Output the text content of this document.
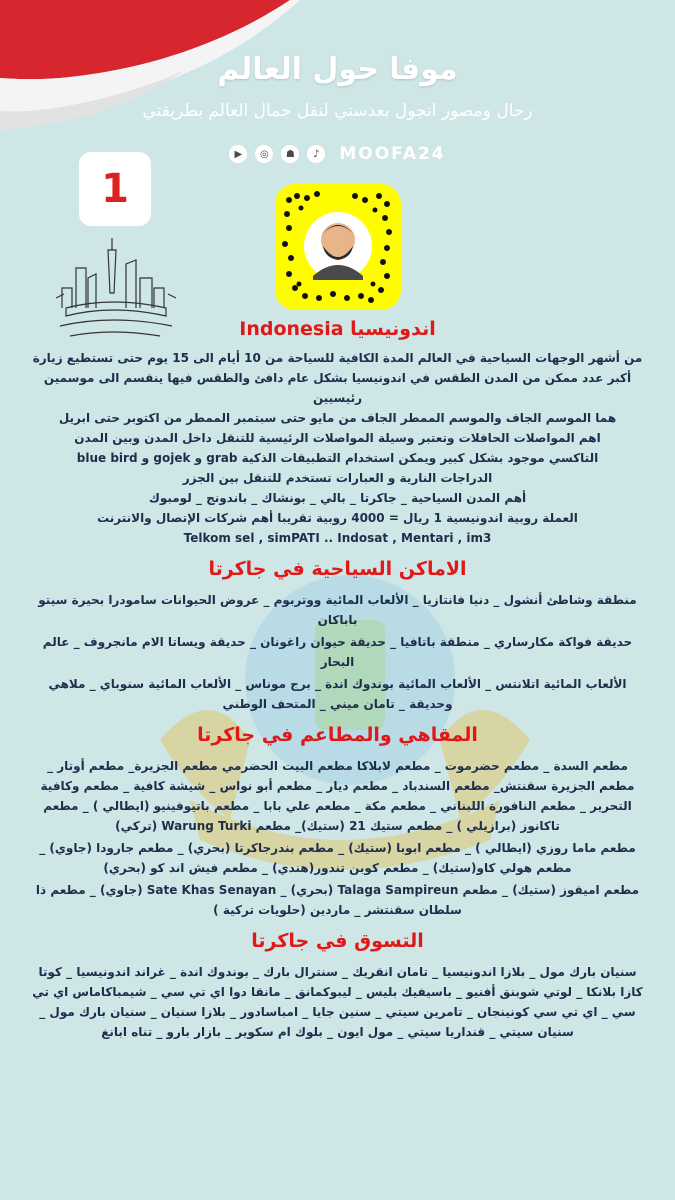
موفا حول العالم
رحال ومصور اتجول بعدستي لنقل جمال العالم بطريقتي
▶	◎	☗	♪	MOOFA24
1
اندونيسيا Indonesia
من أشهر الوجهات السياحية في العالم المدة الكافية للسياحة من 10 أيام الى 15 يوم حتى تستطيع زيارة أكبر عدد ممكن من المدن الطقس في اندونيسيا بشكل عام دافئ والطقس فيها ينقسم الى موسمين رئيسيين
هما الموسم الجاف والموسم الممطر الجاف من مايو حتى سبتمبر الممطر من اكتوبر حتى ابريل
اهم المواصلات الحافلات وتعتبر وسيلة المواصلات الرئيسية للتنقل داخل المدن وبين المدن
التاكسي موجود بشكل كبير ويمكن استخدام التطبيقات الذكية grab و gojek و blue bird
الدراجات النارية و العبارات تستخدم للتنقل بين الجزر
أهم المدن السياحية _ جاكرتا _ بالي _ بونشاك _ باندونج _ لومبوك
العملة روبية اندونيسية 1 ريال = 4000 روبية تقريبا أهم شركات الإتصال والانترنت
Telkom sel , simPATI .. Indosat , Mentari , im3
الاماكن السياحية في جاكرتا
منطقة وشاطئ أنشول _ دنيا فانتازيا _ الألعاب المائية ووتربوم _ عروض الحيوانات سامودرا بحيرة سيتو باباكان
حديقة فواكة مكارساري _ منطقة باتافيا _ حديقة حيوان راغونان _ حديقة ويساتا الام مانجروف _ عالم البحار
الألعاب المائية اتلانتس _ الألعاب المائية بوندوك اندة _ برج موناس _ الألعاب المائية سنوباي _ ملاهي وحديقة _ تامان ميني _ المتحف الوطني
المقاهي والمطاعم في جاكرتا
مطعم السدة _ مطعم حضرموت _ مطعم لابلاكا مطعم البيت الحضرمي مطعم الجزيرة_ مطعم أوتار _ مطعم الجزيرة سقنتش_ مطعم السندباد _ مطعم ديار _ مطعم أبو نواس _ شيشة كافية _ مطعم وكافية التحرير _ مطعم النافورة اللبناني _ مطعم مكة _ مطعم علي بابا _ مطعم باتيوفينيو (ايطالي ) _ مطعم تاكانوز (برازيلي ) _ مطعم ستيك 21 (ستيك)_ مطعم Warung Turki (تركي)
مطعم ماما روزي (ايطالي ) _ مطعم ابوبا (ستيك) _ مطعم بندرجاكرتا (بحري) _ مطعم جارودا (جاوي) _ مطعم هولي كاو(ستيك) _ مطعم كوبن تندور(هندي) _ مطعم فيش اند كو (بحري)
مطعم اميقوز (ستيك) _ مطعم Talaga Sampireun (بحري) _ Sate Khas Senayan (جاوي) _ مطعم ذا سلطان سقنتشر _ ماردين (حلويات تركية )
التسوق في جاكرتا
سنيان بارك مول _ بلازا اندونيسيا _ تامان انقريك _ سنترال بارك _ بوندوك اندة _ غراند اندونيسيا _ كوتا كازا بلانكا _ لوتي شوبنق أفنيو _ باسيفيك بليس _ ليبوكمانق _ مانقا دوا اي تي سي _ شيمباكاماس اي تي سي _ اي تي سي كونينجان _ تامرين سيتي _ سنين جايا _ امباسادور _ بلازا سنيان _ سنيان بارك مول _ سنيان سيتي _ قنداريا سيتي _ مول ايون _ بلوك ام سكوير _ بازار بارو _ تناه ابانغ
